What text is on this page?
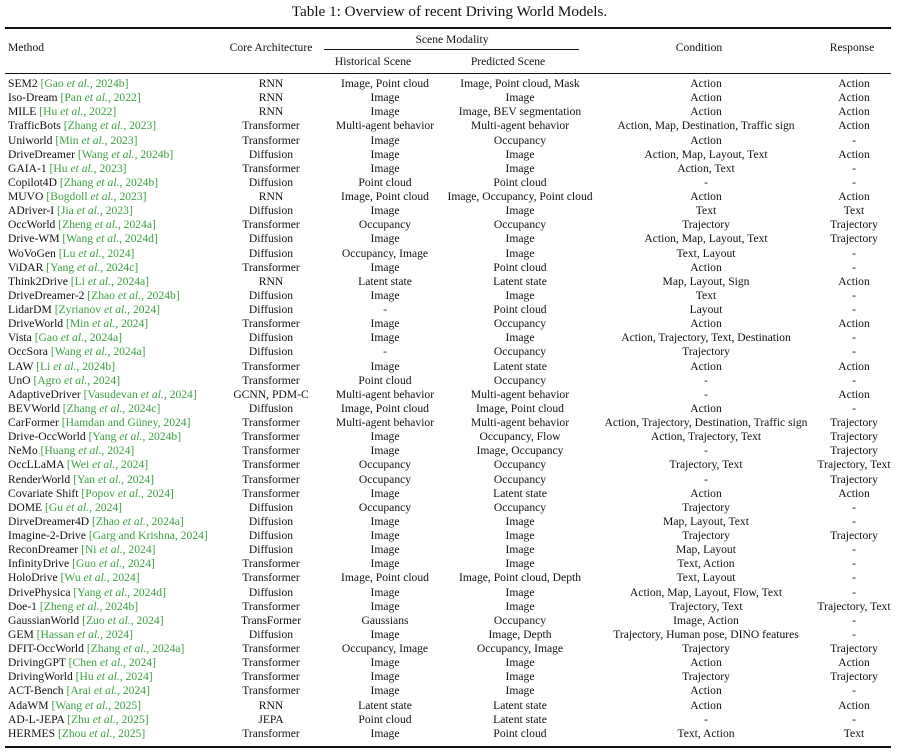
Table 1: Overview of recent Driving World Models.
Method	Core Architecture
Scene Modality
Historical Scene	Predicted Scene
Condition	Response
SEM2 [Gao et al., 2024b]	RNN	Image, Point cloud	Image, Point cloud, Mask	Action	Action
Iso-Dream [Pan et al., 2022]	RNN	Image	Image	Action	Action
MILE [Hu et al., 2022]	RNN	Image	Image, BEV segmentation	Action	Action
TrafficBots [Zhang et al., 2023]	Transformer	Multi-agent behavior	Multi-agent behavior	Action, Map, Destination, Traffic sign	Action
Uniworld [Min et al., 2023]	Transformer	Image	Occupancy	Action	-
DriveDreamer [Wang et al., 2024b]	Diffusion	Image	Image	Action, Map, Layout, Text	Action
GAIA-1 [Hu et al., 2023]	Transformer	Image	Image	Action, Text	-
Copilot4D [Zhang et al., 2024b]	Diffusion	Point cloud	Point cloud	-	-
MUVO [Bogdoll et al., 2023]	RNN	Image, Point cloud	Image, Occupancy, Point cloud	Action	Action
ADriver-I [Jia et al., 2023]	Diffusion	Image	Image	Text	Text
OccWorld [Zheng et al., 2024a]	Transformer	Occupancy	Occupancy	Trajectory	Trajectory
Drive-WM [Wang et al., 2024d]	Diffusion	Image	Image	Action, Map, Layout, Text	Trajectory
WoVoGen [Lu et al., 2024]	Diffusion	Occupancy, Image	Image	Text, Layout	-
ViDAR [Yang et al., 2024c]	Transformer	Image	Point cloud	Action	-
Think2Drive [Li et al., 2024a]	RNN	Latent state	Latent state	Map, Layout, Sign	Action
DriveDreamer-2 [Zhao et al., 2024b]	Diffusion	Image	Image	Text	-
LidarDM [Zyrianov et al., 2024]	Diffusion	-	Point cloud	Layout	-
DriveWorld [Min et al., 2024]	Transformer	Image	Occupancy	Action	Action
Vista [Gao et al., 2024a]	Diffusion	Image	Image	Action, Trajectory, Text, Destination	-
OccSora [Wang et al., 2024a]	Diffusion	-	Occupancy	Trajectory	-
LAW [Li et al., 2024b]	Transformer	Image	Latent state	Action	Action
UnO [Agro et al., 2024]	Transformer	Point cloud	Occupancy	-	-
AdaptiveDriver [Vasudevan et al., 2024]	GCNN, PDM-C	Multi-agent behavior	Multi-agent behavior	-	Action
BEVWorld [Zhang et al., 2024c]	Diffusion	Image, Point cloud	Image, Point cloud	Action	-
CarFormer [Hamdan and Güney, 2024]	Transformer	Multi-agent behavior	Multi-agent behavior	Action, Trajectory, Destination, Traffic sign	Trajectory
Drive-OccWorld [Yang et al., 2024b]	Transformer	Image	Occupancy, Flow	Action, Trajectory, Text	Trajectory
NeMo [Huang et al., 2024]	Transformer	Image	Image, Occupancy	-	Trajectory
OccLLaMA [Wei et al., 2024]	Transformer	Occupancy	Occupancy	Trajectory, Text	Trajectory, Text
RenderWorld [Yan et al., 2024]	Transformer	Occupancy	Occupancy	-	Trajectory
Covariate Shift [Popov et al., 2024]	Transformer	Image	Latent state	Action	Action
DOME [Gu et al., 2024]	Diffusion	Occupancy	Occupancy	Trajectory	-
DirveDreamer4D [Zhao et al., 2024a]	Diffusion	Image	Image	Map, Layout, Text	-
Imagine-2-Drive [Garg and Krishna, 2024]	Diffusion	Image	Image	Trajectory	Trajectory
ReconDreamer [Ni et al., 2024]	Diffusion	Image	Image	Map, Layout	-
InfinityDrive [Guo et al., 2024]	Transformer	Image	Image	Text, Action	-
HoloDrive [Wu et al., 2024]	Transformer	Image, Point cloud	Image, Point cloud, Depth	Text, Layout	-
DrivePhysica [Yang et al., 2024d]	Diffusion	Image	Image	Action, Map, Layout, Flow, Text	-
Doe-1 [Zheng et al., 2024b]	Transformer	Image	Image	Trajectory, Text	Trajectory, Text
GaussianWorld [Zuo et al., 2024]	TransFormer	Gaussians	Occupancy	Image, Action	-
GEM [Hassan et al., 2024]	Diffusion	Image	Image, Depth	Trajectory, Human pose, DINO features	-
DFIT-OccWorld [Zhang et al., 2024a]	Transformer	Occupancy, Image	Occupancy, Image	Trajectory	Trajectory
DrivingGPT [Chen et al., 2024]	Transformer	Image	Image	Action	Action
DrivingWorld [Hu et al., 2024]	Transformer	Image	Image	Trajectory	Trajectory
ACT-Bench [Arai et al., 2024]	Transformer	Image	Image	Action	-
AdaWM [Wang et al., 2025]	RNN	Latent state	Latent state	Action	Action
AD-L-JEPA [Zhu et al., 2025]	JEPA	Point cloud	Latent state	-	-
HERMES [Zhou et al., 2025]	Transformer	Image	Point cloud	Text, Action	Text
